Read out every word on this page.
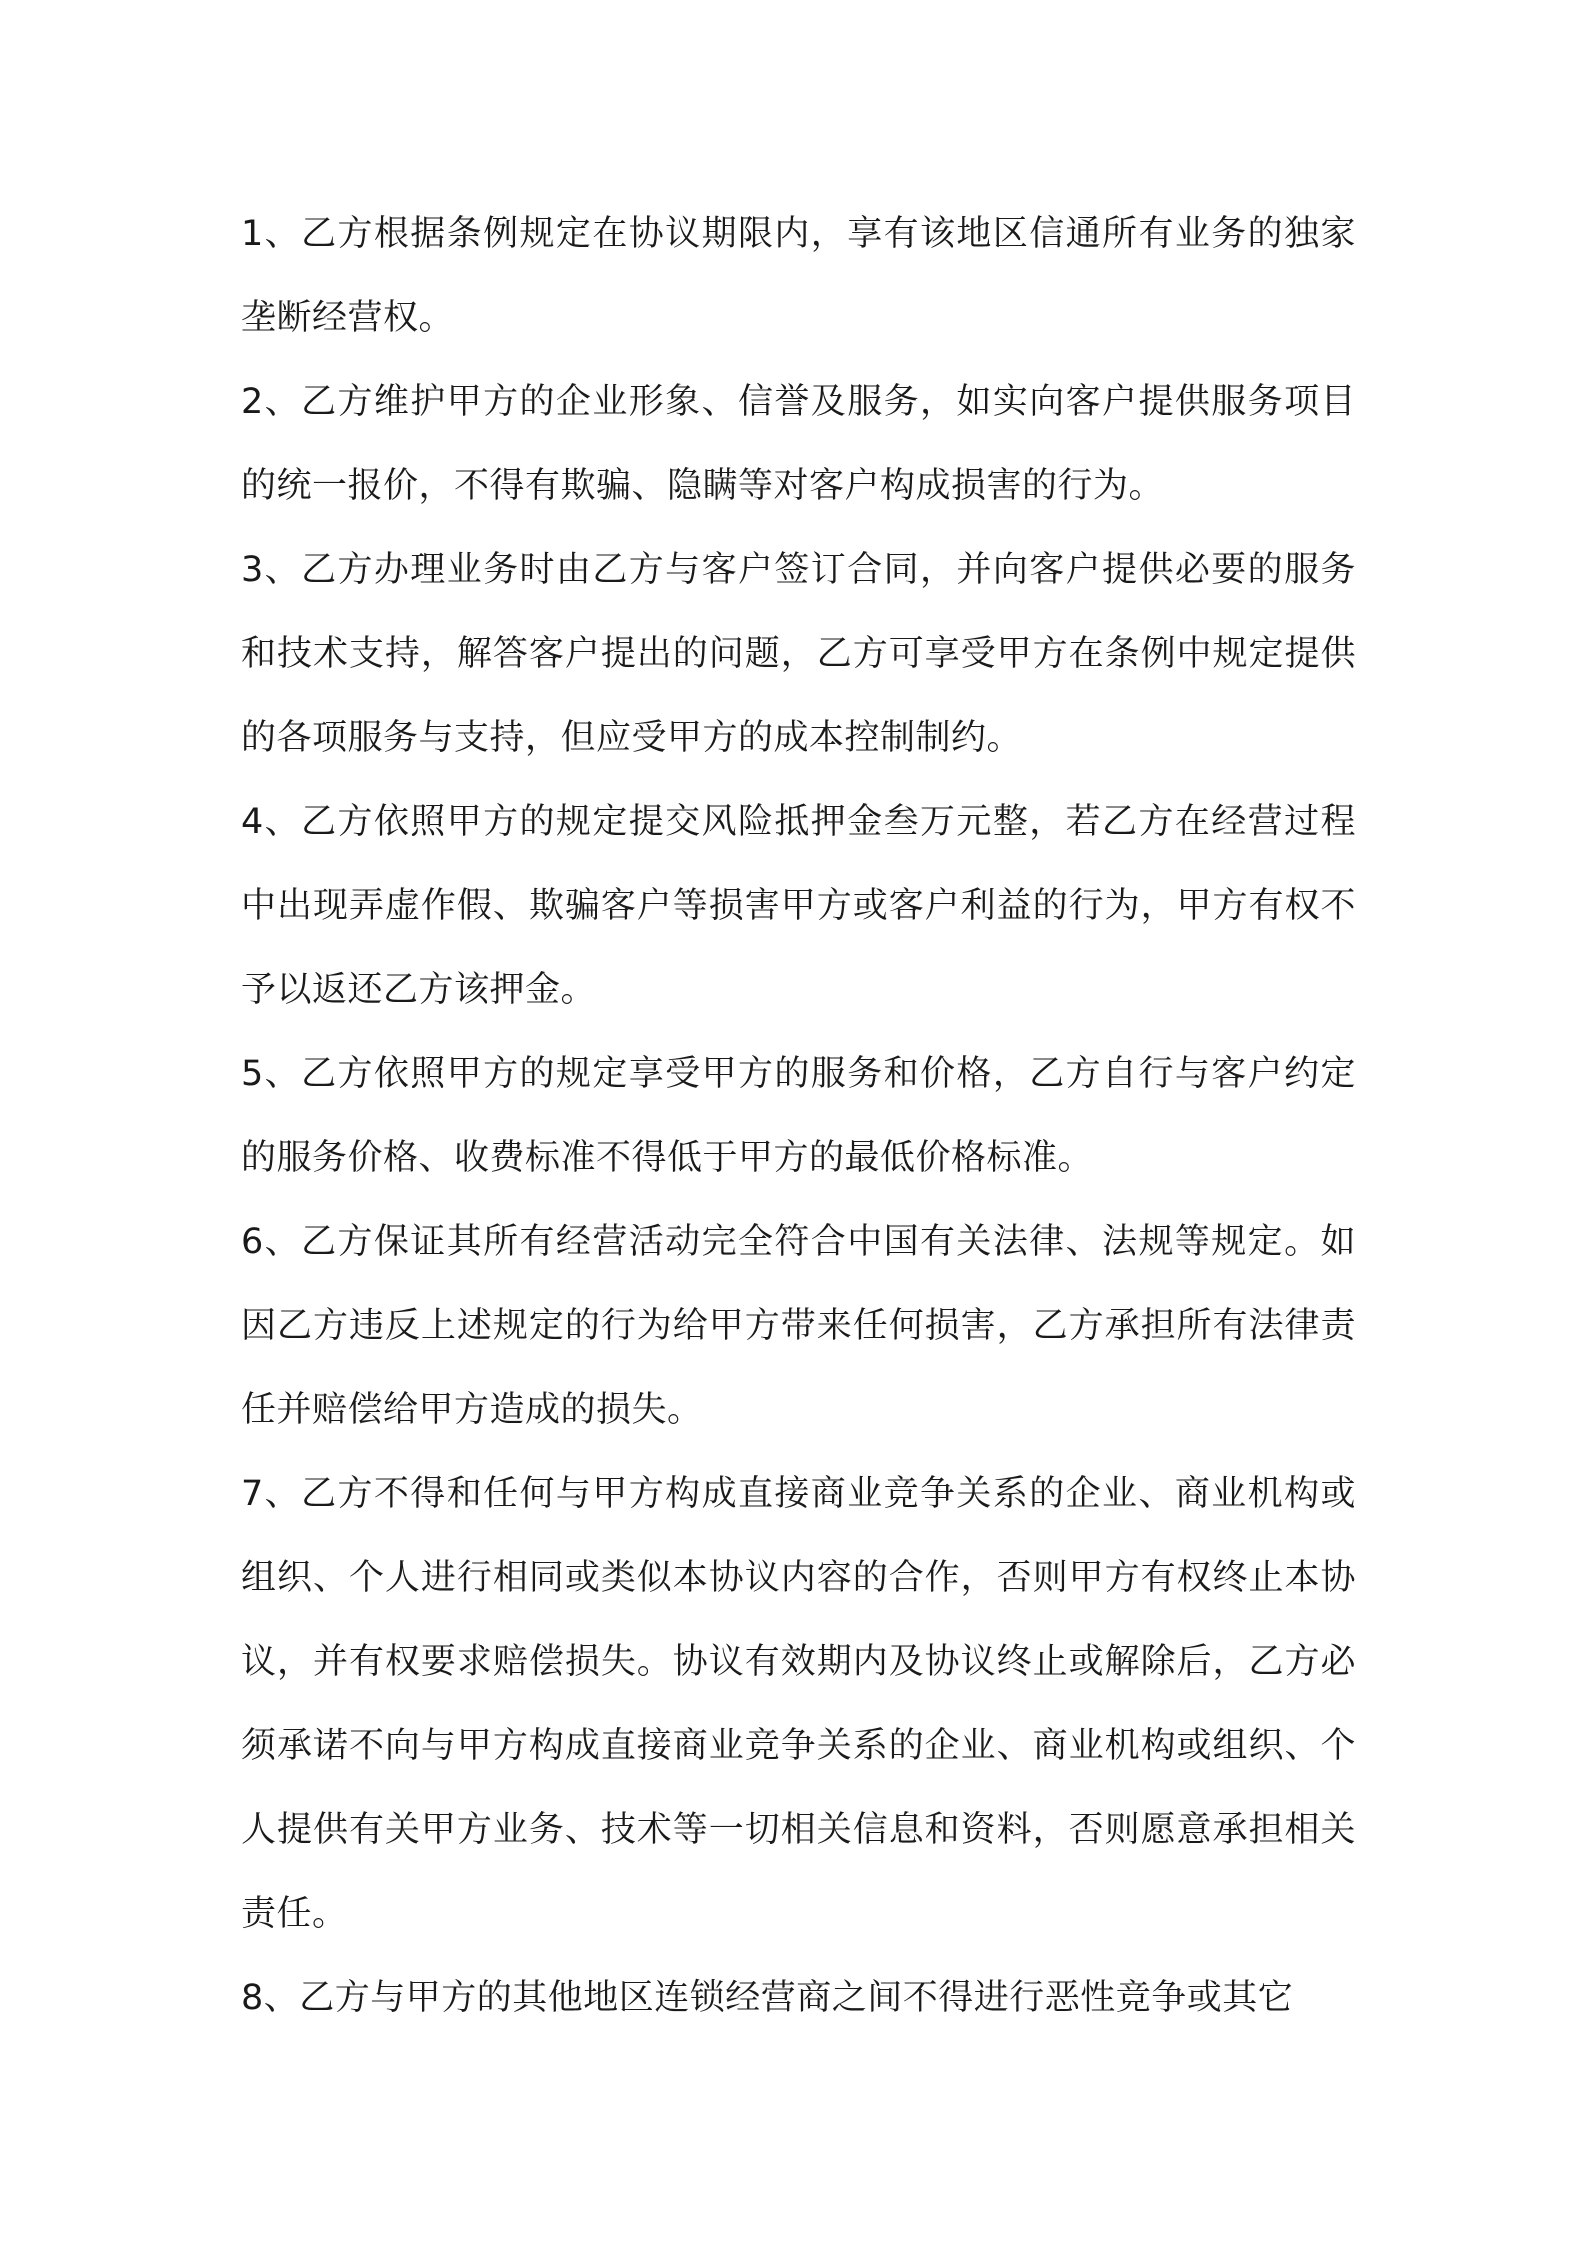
1、乙方根据条例规定在协议期限内，享有该地区信通所有业务的独家垄断经营权。

2、乙方维护甲方的企业形象、信誉及服务，如实向客户提供服务项目的统一报价，不得有欺骗、隐瞒等对客户构成损害的行为。

3、乙方办理业务时由乙方与客户签订合同，并向客户提供必要的服务和技术支持，解答客户提出的问题，乙方可享受甲方在条例中规定提供的各项服务与支持，但应受甲方的成本控制制约。

4、乙方依照甲方的规定提交风险抵押金叁万元整，若乙方在经营过程中出现弄虚作假、欺骗客户等损害甲方或客户利益的行为，甲方有权不予以返还乙方该押金。

5、乙方依照甲方的规定享受甲方的服务和价格，乙方自行与客户约定的服务价格、收费标准不得低于甲方的最低价格标准。

6、乙方保证其所有经营活动完全符合中国有关法律、法规等规定。如因乙方违反上述规定的行为给甲方带来任何损害，乙方承担所有法律责任并赔偿给甲方造成的损失。

7、乙方不得和任何与甲方构成直接商业竞争关系的企业、商业机构或组织、个人进行相同或类似本协议内容的合作，否则甲方有权终止本协议，并有权要求赔偿损失。协议有效期内及协议终止或解除后，乙方必须承诺不向与甲方构成直接商业竞争关系的企业、商业机构或组织、个人提供有关甲方业务、技术等一切相关信息和资料，否则愿意承担相关责任。

8、乙方与甲方的其他地区连锁经营商之间不得进行恶性竞争或其它
